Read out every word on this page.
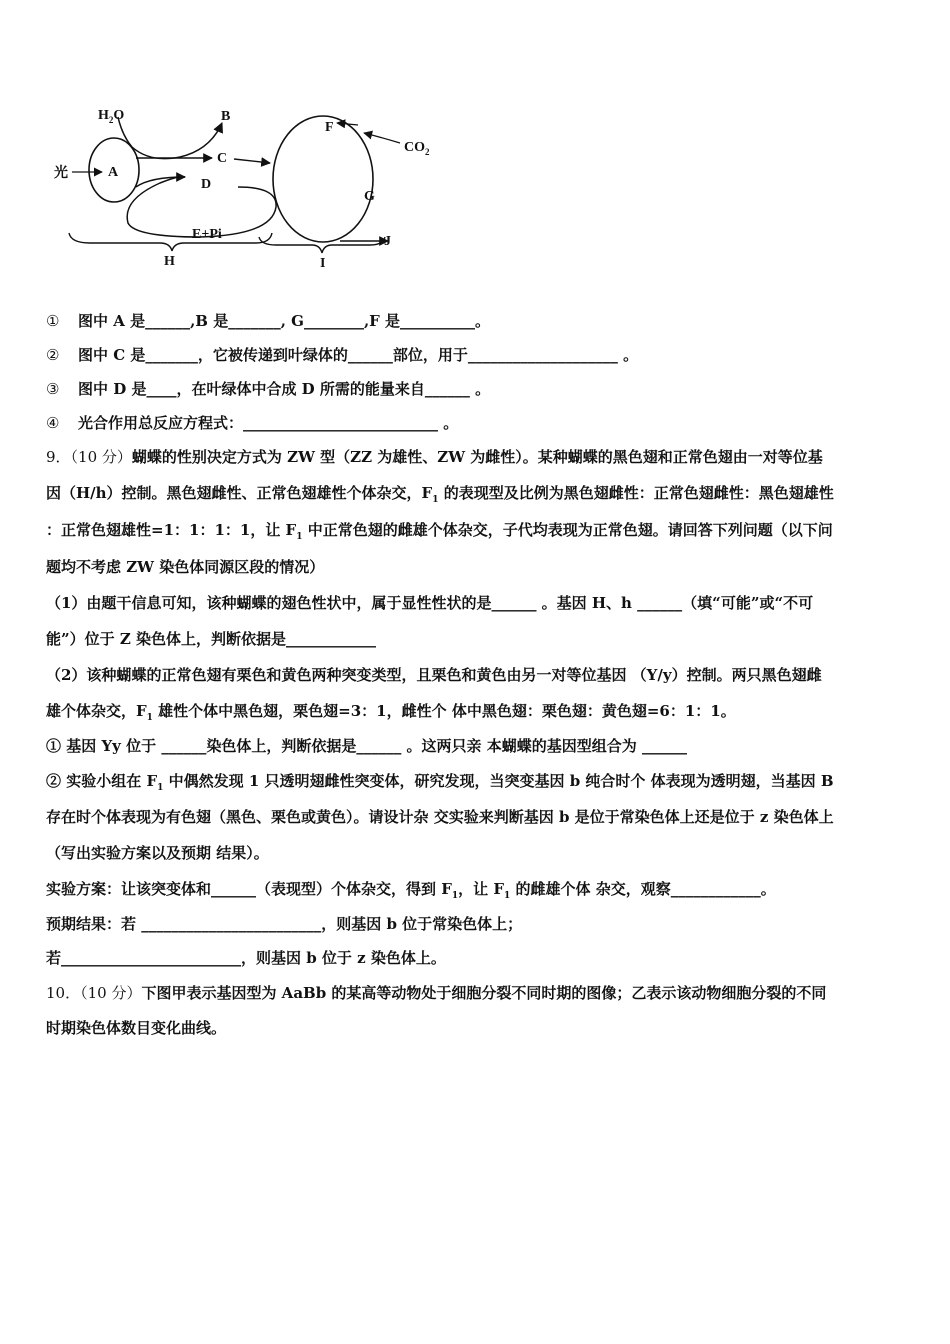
$H_2O$
光	A
B
C
D
E+Pi
F
$CO_2$
G
J
H	I
① 图中 A 是______,B 是_______, G________,F 是__________。
② 图中 C 是_______，它被传递到叶绿体的______部位，用于____________________ 。
③ 图中 D 是____，在叶绿体中合成 D 所需的能量来自______ 。
④ 光合作用总反应方程式：__________________________ 。
9．（10 分）蝴蝶的性别决定方式为 ZW 型（ZZ 为雄性、ZW 为雌性）。某种蝴蝶的黑色翅和正常色翅由一对等位基
因（H/h）控制。黑色翅雌性、正常色翅雄性个体杂交，$F_1$ 的表现型及比例为黑色翅雌性：正常色翅雌性：黑色翅雄性
：正常色翅雄性=1：1：1：1，让 $F_1$ 中正常色翅的雌雄个体杂交，子代均表现为正常色翅。请回答下列问题（以下问
题均不考虑 ZW 染色体同源区段的情况）
（1）由题干信息可知，该种蝴蝶的翅色性状中，属于显性性状的是______ 。基因 H、h ______（填“可能”或“不可
能”）位于 Z 染色体上，判断依据是____________
（2）该种蝴蝶的正常色翅有栗色和黄色两种突变类型，且栗色和黄色由另一对等位基因 （Y/y）控制。两只黑色翅雌
雄个体杂交，$F_1$ 雄性个体中黑色翅，栗色翅=3：1，雌性个 体中黑色翅：栗色翅：黄色翅=6：1：1。
① 基因 Yy 位于 ______染色体上，判断依据是______ 。这两只亲 本蝴蝶的基因型组合为 ______
② 实验小组在 $F_1$ 中偶然发现 1 只透明翅雌性突变体，研究发现，当突变基因 b 纯合时个 体表现为透明翅，当基因 B
存在时个体表现为有色翅（黑色、栗色或黄色）。请设计杂 交实验来判断基因 b 是位于常染色体上还是位于 z 染色体上
（写出实验方案以及预期 结果）。
实验方案：让该突变体和______（表现型）个体杂交，得到 $F_1$，让 $F_1$ 的雌雄个体 杂交，观察____________。
预期结果：若 ________________________，则基因 b 位于常染色体上；
若________________________，则基因 b 位于 z 染色体上。
10．（10 分）下图甲表示基因型为 AaBb 的某高等动物处于细胞分裂不同时期的图像；乙表示该动物细胞分裂的不同
时期染色体数目变化曲线。
